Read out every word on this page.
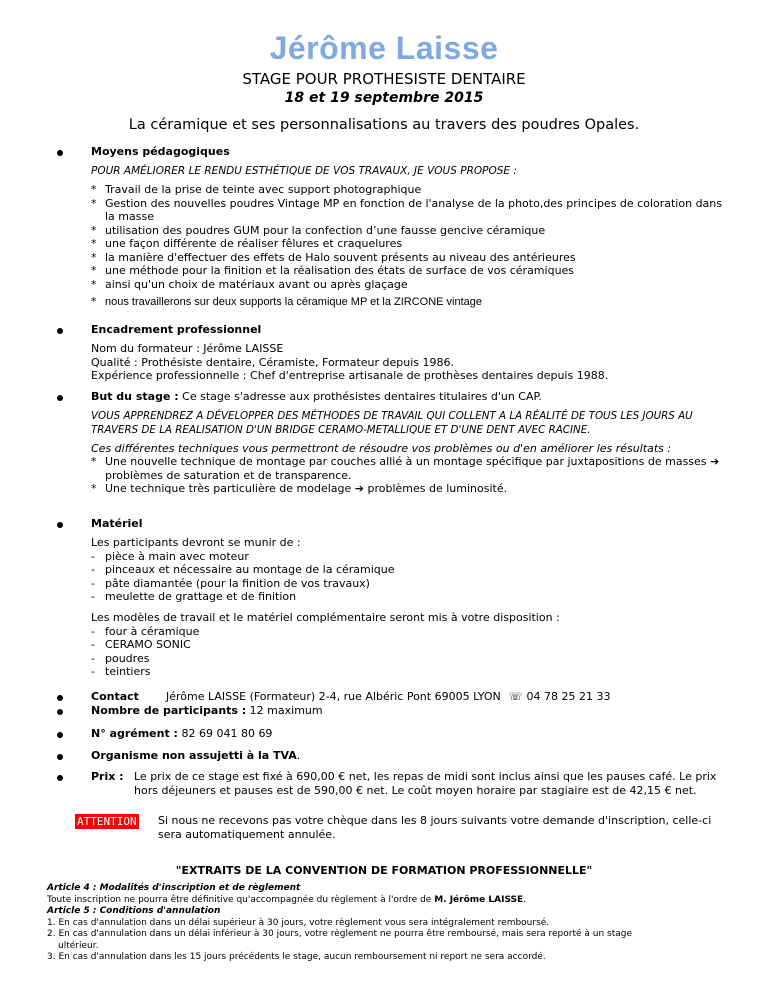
Jérôme Laisse
STAGE POUR PROTHESISTE DENTAIRE
18 et 19 septembre 2015
La céramique et ses personnalisations au travers des poudres Opales.
Moyens pédagogiques
POUR AMÉLIORER LE RENDU ESTHÉTIQUE DE VOS TRAVAUX, JE VOUS PROPOSE :
* Travail de la prise de teinte avec support photographique
* Gestion des nouvelles poudres Vintage MP en fonction de l'analyse de la photo,des principes de coloration dans
la masse
* utilisation des poudres GUM pour la confection d’une fausse gencive céramique
* une façon différente de réaliser fêlures et craquelures
* la manière d'effectuer des effets de Halo souvent présents au niveau des antérieures
* une méthode pour la finition et la réalisation des états de surface de vos céramiques
* ainsi qu'un choix de matériaux avant ou après glaçage
* nous travaillerons sur deux supports la céramique MP et la ZIRCONE vintage
Encadrement professionnel
Nom du formateur : Jérôme LAISSE
Qualité : Prothésiste dentaire, Céramiste, Formateur depuis 1986.
Expérience professionnelle : Chef d'entreprise artisanale de prothèses dentaires depuis 1988.
But du stage : Ce stage s'adresse aux prothésistes dentaires titulaires d'un CAP.
VOUS APPRENDREZ A DÉVELOPPER DES MÉTHODES DE TRAVAIL QUI COLLENT A LA RÉALITÉ DE TOUS LES JOURS AU
TRAVERS DE LA REALISATION D'UN BRIDGE CERAMO-METALLIQUE ET D'UNE DENT AVEC RACINE.
Ces différentes techniques vous permettront de résoudre vos problèmes ou d'en améliorer les résultats :
* Une nouvelle technique de montage par couches allié à un montage spécifique par juxtapositions de masses ➔
problèmes de saturation et de transparence.
* Une technique très particulière de modelage ➔ problèmes de luminosité.
Matériel
Les participants devront se munir de :
- pièce à main avec moteur
- pinceaux et nécessaire au montage de la céramique
- pâte diamantée (pour la finition de vos travaux)
- meulette de grattage et de finition
Les modèles de travail et le matériel complémentaire seront mis à votre disposition :
- four à céramique
- CERAMO SONIC
- poudres
- teintiers
Contact Jérôme LAISSE (Formateur) 2-4, rue Albéric Pont 69005 LYON ☏ 04 78 25 21 33
Nombre de participants : 12 maximum
N° agrément : 82 69 041 80 69
Organisme non assujetti à la TVA.
Prix : Le prix de ce stage est fixé à 690,00 € net, les repas de midi sont inclus ainsi que les pauses café. Le prix
hors déjeuners et pauses est de 590,00 € net. Le coût moyen horaire par stagiaire est de 42,15 € net.
ATTENTION Si nous ne recevons pas votre chèque dans les 8 jours suivants votre demande d'inscription, celle-ci
sera automatiquement annulée.
"EXTRAITS DE LA CONVENTION DE FORMATION PROFESSIONNELLE"
Article 4 : Modalités d'inscription et de règlement
Toute inscription ne pourra être définitive qu'accompagnée du règlement à l'ordre de M. Jérôme LAISSE.
Article 5 : Conditions d'annulation
1. En cas d'annulation dans un délai supérieur à 30 jours, votre règlement vous sera intégralement remboursé.
2. En cas d'annulation dans un délai inférieur à 30 jours, votre règlement ne pourra être remboursé, mais sera reporté à un stage
ultérieur.
3. En cas d'annulation dans les 15 jours précédents le stage, aucun remboursement ni report ne sera accordé.
